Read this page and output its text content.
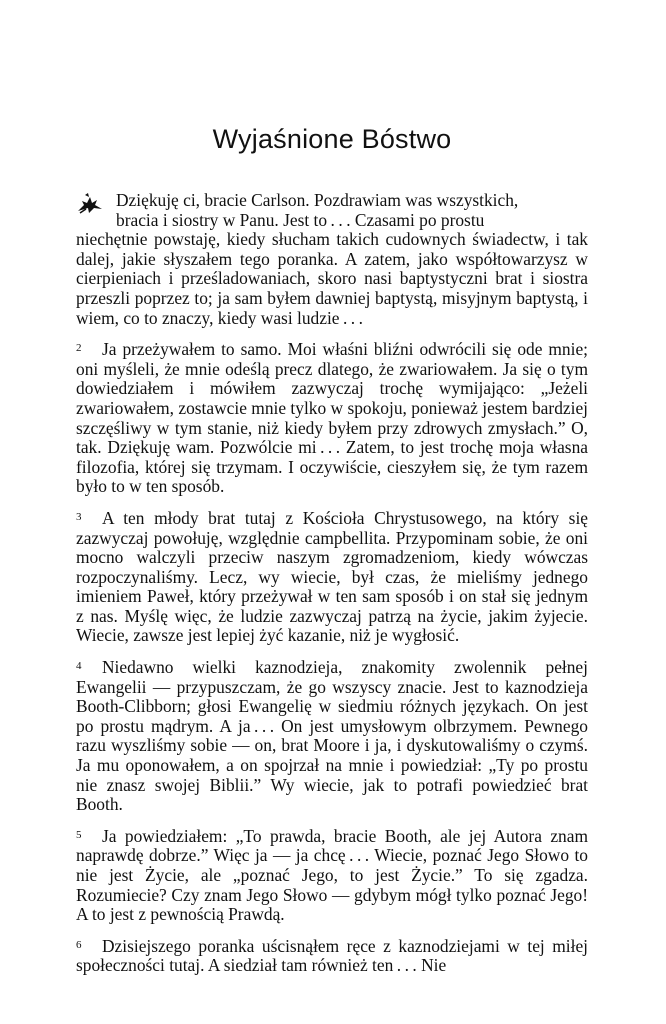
Wyjaśnione Bóstwo
Dziękuję ci, bracie Carlson. Pozdrawiam was wszystkich,
bracia i siostry w Panu. Jest to . . . Czasami po prostu
niechętnie powstaję, kiedy słucham takich cudownych świadectw, i tak dalej, jakie słyszałem tego poranka. A zatem, jako współtowarzysz w cierpieniach i prześladowaniach, skoro nasi baptystyczni brat i siostra przeszli poprzez to; ja sam byłem dawniej baptystą, misyjnym baptystą, i wiem, co to znaczy, kiedy wasi ludzie . . .

2 Ja przeżywałem to samo. Moi właśni bliźni odwrócili się ode mnie; oni myśleli, że mnie odeślą precz dlatego, że zwariowałem. Ja się o tym dowiedziałem i mówiłem zazwyczaj trochę wymijająco: „Jeżeli zwariowałem, zostawcie mnie tylko w spokoju, ponieważ jestem bardziej szczęśliwy w tym stanie, niż kiedy byłem przy zdrowych zmysłach.” O, tak. Dziękuję wam. Pozwólcie mi . . . Zatem, to jest trochę moja własna filozofia, której się trzymam. I oczywiście, cieszyłem się, że tym razem było to w ten sposób.

3 A ten młody brat tutaj z Kościoła Chrystusowego, na który się zazwyczaj powołuję, względnie campbellita. Przypominam sobie, że oni mocno walczyli przeciw naszym zgromadzeniom, kiedy wówczas rozpoczynaliśmy. Lecz, wy wiecie, był czas, że mieliśmy jednego imieniem Paweł, który przeżywał w ten sam sposób i on stał się jednym z nas. Myślę więc, że ludzie zazwyczaj patrzą na życie, jakim żyjecie. Wiecie, zawsze jest lepiej żyć kazanie, niż je wygłosić.

4 Niedawno wielki kaznodzieja, znakomity zwolennik pełnej Ewangelii — przypuszczam, że go wszyscy znacie. Jest to kaznodzieja Booth-Clibborn; głosi Ewangelię w siedmiu różnych językach. On jest po prostu mądrym. A ja . . . On jest umysłowym olbrzymem. Pewnego razu wyszliśmy sobie — on, brat Moore i ja, i dyskutowaliśmy o czymś. Ja mu oponowałem, a on spojrzał na mnie i powiedział: „Ty po prostu nie znasz swojej Biblii.” Wy wiecie, jak to potrafi powiedzieć brat Booth.

5 Ja powiedziałem: „To prawda, bracie Booth, ale jej Autora znam naprawdę dobrze.” Więc ja — ja chcę . . . Wiecie, poznać Jego Słowo to nie jest Życie, ale „poznać Jego, to jest Życie.” To się zgadza. Rozumiecie? Czy znam Jego Słowo — gdybym mógł tylko poznać Jego! A to jest z pewnością Prawdą.

6 Dzisiejszego poranka uścisnąłem ręce z kaznodziejami w tej miłej społeczności tutaj. A siedział tam również ten . . . Nie
